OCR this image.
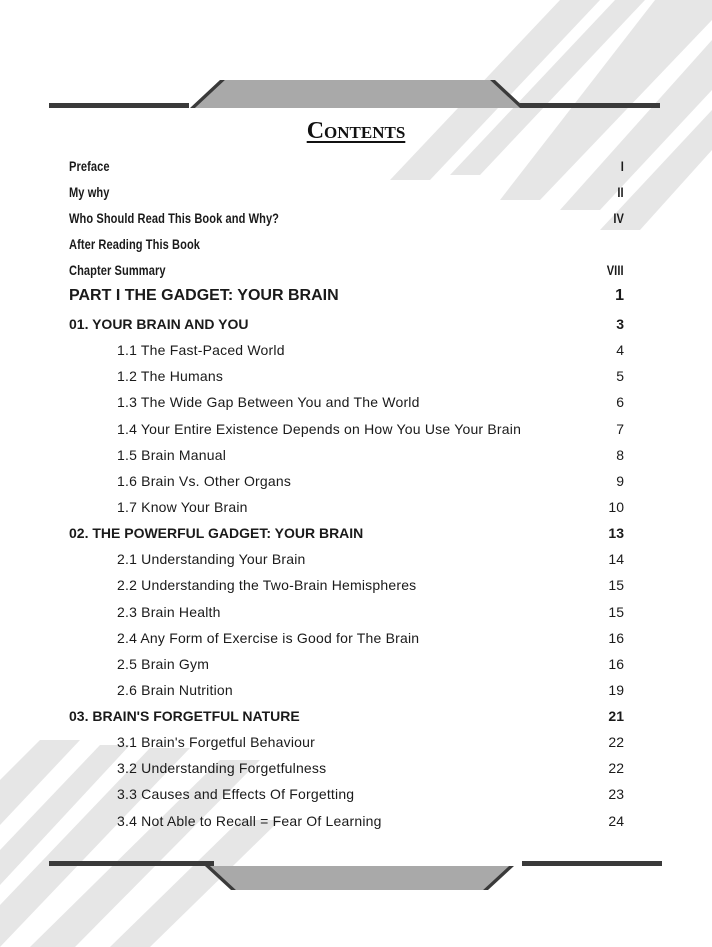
Contents
Preface	I
My why	II
Who Should Read This Book and Why?	IV
After Reading This Book
Chapter Summary	VIII
PART I THE GADGET: YOUR BRAIN	1
01. YOUR BRAIN AND YOU	3
1.1 The Fast-Paced World	4
1.2 The Humans	5
1.3 The Wide Gap Between You and The World	6
1.4 Your Entire Existence Depends on How You Use Your Brain	7
1.5 Brain Manual	8
1.6 Brain Vs. Other Organs	9
1.7 Know Your Brain	10
02. THE POWERFUL GADGET: YOUR BRAIN	13
2.1 Understanding Your Brain	14
2.2 Understanding the Two-Brain Hemispheres	15
2.3 Brain Health	15
2.4 Any Form of Exercise is Good for The Brain	16
2.5 Brain Gym	16
2.6 Brain Nutrition	19
03. BRAIN'S FORGETFUL NATURE	21
3.1 Brain's Forgetful Behaviour	22
3.2 Understanding Forgetfulness	22
3.3 Causes and Effects Of Forgetting	23
3.4 Not Able to Recall = Fear Of Learning	24
